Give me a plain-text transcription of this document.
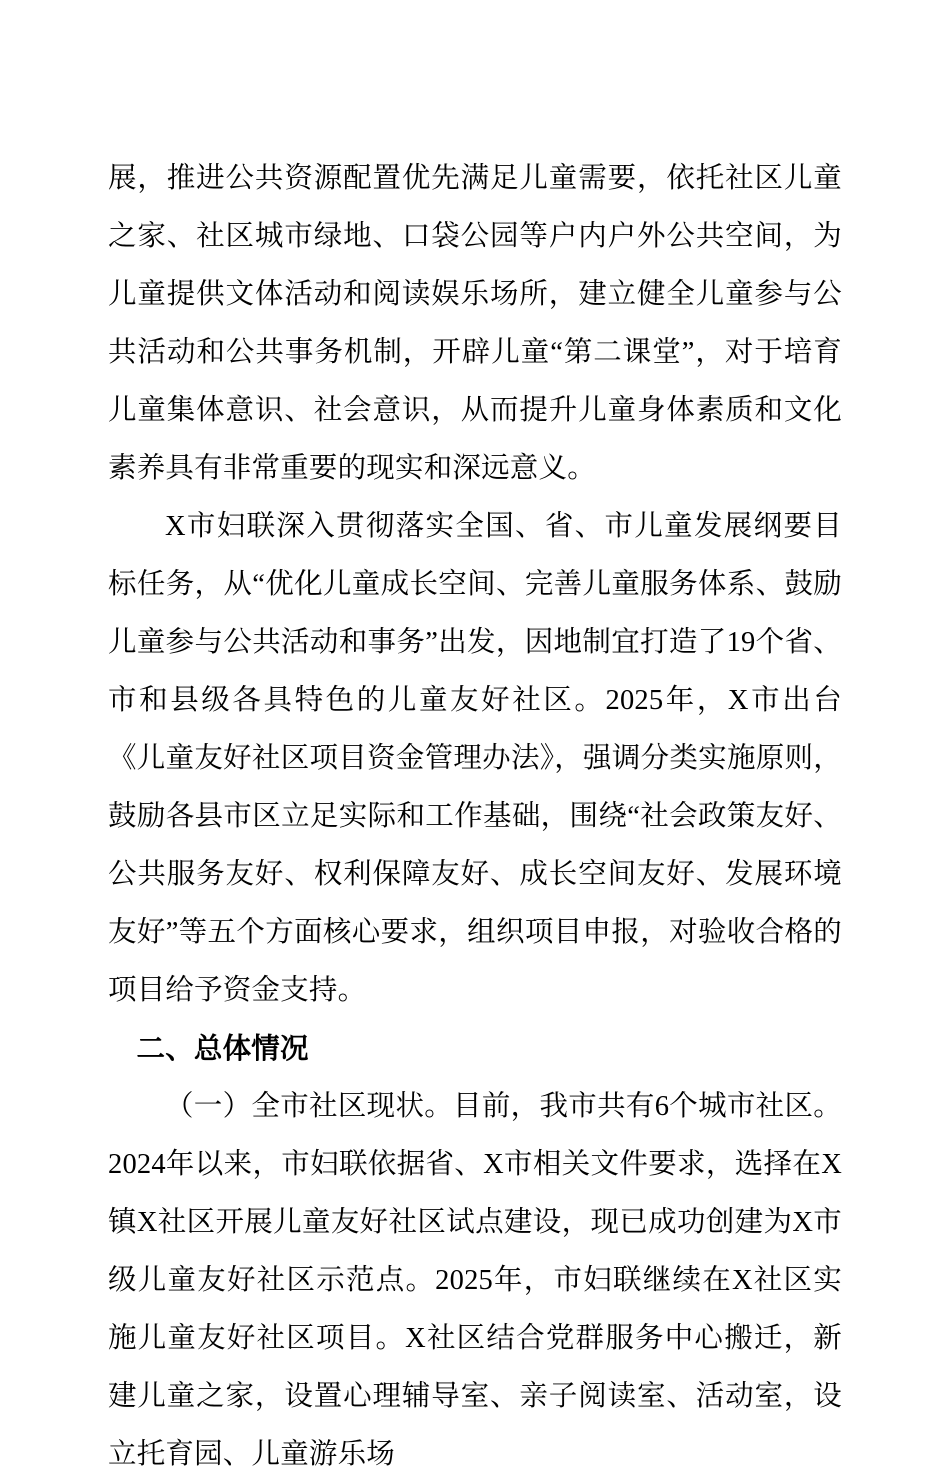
展，推进公共资源配置优先满足儿童需要，依托社区儿童之家、社区城市绿地、口袋公园等户内户外公共空间，为儿童提供文体活动和阅读娱乐场所，建立健全儿童参与公共活动和公共事务机制，开辟儿童“第二课堂”，对于培育儿童集体意识、社会意识，从而提升儿童身体素质和文化素养具有非常重要的现实和深远意义。

X市妇联深入贯彻落实全国、省、市儿童发展纲要目标任务，从“优化儿童成长空间、完善儿童服务体系、鼓励儿童参与公共活动和事务”出发，因地制宜打造了19个省、市和县级各具特色的儿童友好社区。2025年，X市出台《儿童友好社区项目资金管理办法》，强调分类实施原则，鼓励各县市区立足实际和工作基础，围绕“社会政策友好、公共服务友好、权利保障友好、成长空间友好、发展环境友好”等五个方面核心要求，组织项目申报，对验收合格的项目给予资金支持。

二、总体情况

（一）全市社区现状。目前，我市共有6个城市社区。2024年以来，市妇联依据省、X市相关文件要求，选择在X镇X社区开展儿童友好社区试点建设，现已成功创建为X市级儿童友好社区示范点。2025年，市妇联继续在X社区实施儿童友好社区项目。X社区结合党群服务中心搬迁，新建儿童之家，设置心理辅导室、亲子阅读室、活动室，设立托育园、儿童游乐场
